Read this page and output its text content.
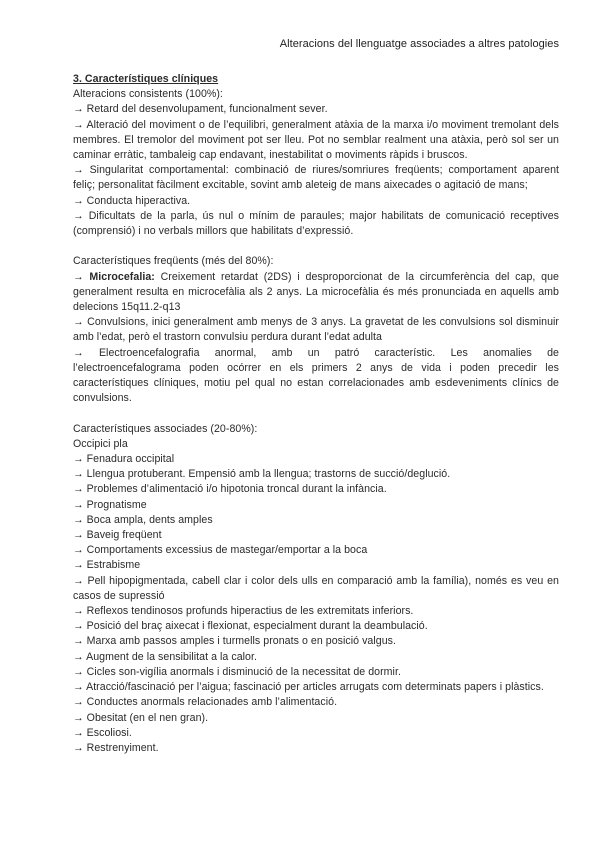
Alteracions del llenguatge associades a altres patologies

3. Característiques clíniques

Alteracions consistents (100%):

→ Retard del desenvolupament, funcionalment sever.

→ Alteració del moviment o de l’equilibri, generalment atàxia de la marxa i/o moviment tremolant dels membres. El tremolor del moviment pot ser lleu. Pot no semblar realment una atàxia, però sol ser un caminar erràtic, tambaleig cap endavant, inestabilitat o moviments ràpids i bruscos.

→ Singularitat comportamental: combinació de riures/somriures freqüents; comportament aparent feliç; personalitat fàcilment excitable, sovint amb aleteig de mans aixecades o agitació de mans;

→ Conducta hiperactiva.

→ Dificultats de la parla, ús nul o mínim de paraules; major habilitats de comunicació receptives (comprensió) i no verbals millors que habilitats d’expressió.

Característiques freqüents (més del 80%):

→ Microcefalia: Creixement retardat (2DS) i desproporcionat de la circumferència del cap, que generalment resulta en microcefàlia als 2 anys. La microcefàlia és més pronunciada en aquells amb delecions 15q11.2-q13

→ Convulsions, inici generalment amb menys de 3 anys. La gravetat de les convulsions sol disminuir amb l’edat, però el trastorn convulsiu perdura durant l’edat adulta

→ Electroencefalografia anormal, amb un patró característic. Les anomalies de l’electroencefalograma poden ocórrer en els primers 2 anys de vida i poden precedir les característiques clíniques, motiu pel qual no estan correlacionades amb esdeveniments clínics de convulsions.

Característiques associades (20-80%):

Occipici pla

→ Fenadura occipital

→ Llengua protuberant. Empensió amb la llengua; trastorns de succió/deglució.

→ Problemes d’alimentació i/o hipotonia troncal durant la infància.

→ Prognatisme

→ Boca ampla, dents amples

→ Baveig freqüent

→ Comportaments excessius de mastegar/emportar a la boca

→ Estrabisme

→ Pell hipopigmentada, cabell clar i color dels ulls en comparació amb la família), només es veu en casos de supressió

→ Reflexos tendinosos profunds hiperactius de les extremitats inferiors.

→ Posició del braç aixecat i flexionat, especialment durant la deambulació.

→ Marxa amb passos amples i turmells pronats o en posició valgus.

→ Augment de la sensibilitat a la calor.

→ Cicles son-vigília anormals i disminució de la necessitat de dormir.

→ Atracció/fascinació per l’aigua; fascinació per articles arrugats com determinats papers i plàstics.

→ Conductes anormals relacionades amb l’alimentació.

→ Obesitat (en el nen gran).

→ Escoliosi.

→ Restrenyiment.
